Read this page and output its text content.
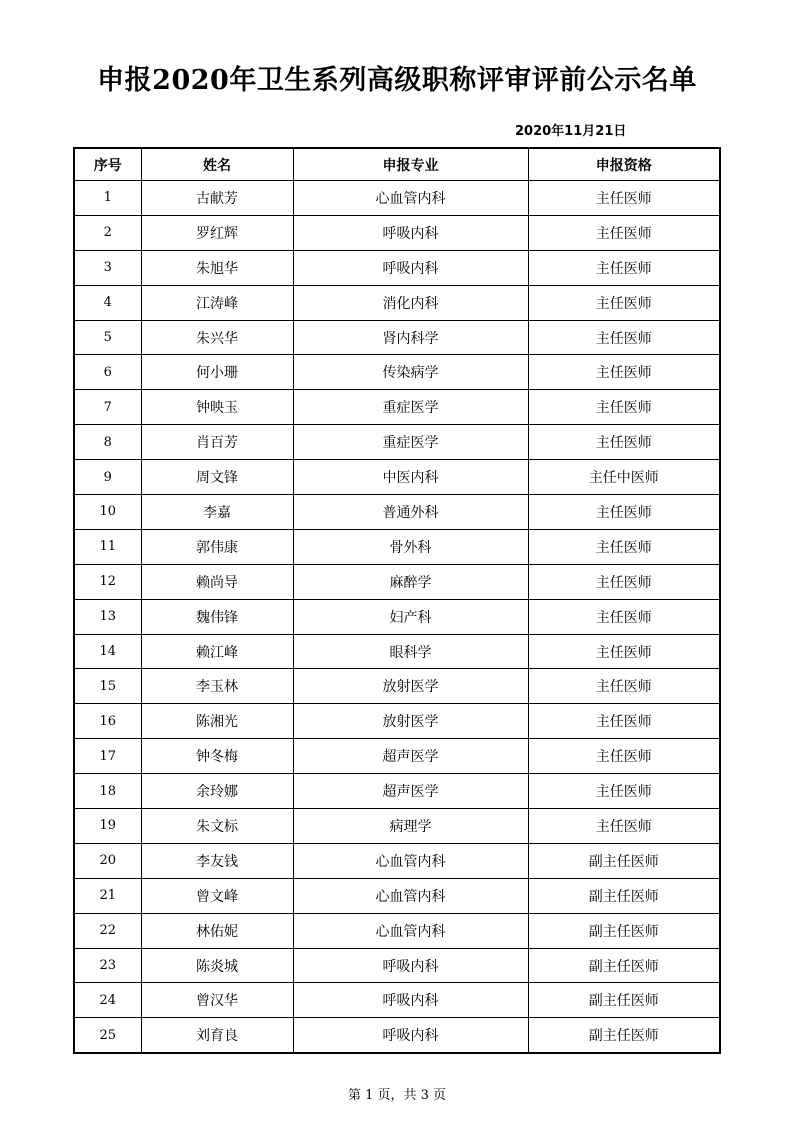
申报2020年卫生系列高级职称评审评前公示名单
2020年11月21日
序号	姓名	申报专业	申报资格
1	古献芳	心血管内科	主任医师
2	罗红辉	呼吸内科	主任医师
3	朱旭华	呼吸内科	主任医师
4	江涛峰	消化内科	主任医师
5	朱兴华	肾内科学	主任医师
6	何小珊	传染病学	主任医师
7	钟映玉	重症医学	主任医师
8	肖百芳	重症医学	主任医师
9	周文锋	中医内科	主任中医师
10	李嘉	普通外科	主任医师
11	郭伟康	骨外科	主任医师
12	赖尚导	麻醉学	主任医师
13	魏伟锋	妇产科	主任医师
14	赖江峰	眼科学	主任医师
15	李玉林	放射医学	主任医师
16	陈湘光	放射医学	主任医师
17	钟冬梅	超声医学	主任医师
18	余玲娜	超声医学	主任医师
19	朱文标	病理学	主任医师
20	李友钱	心血管内科	副主任医师
21	曾文峰	心血管内科	副主任医师
22	林佑妮	心血管内科	副主任医师
23	陈炎城	呼吸内科	副主任医师
24	曾汉华	呼吸内科	副主任医师
25	刘育良	呼吸内科	副主任医师
第 1 页，共 3 页
